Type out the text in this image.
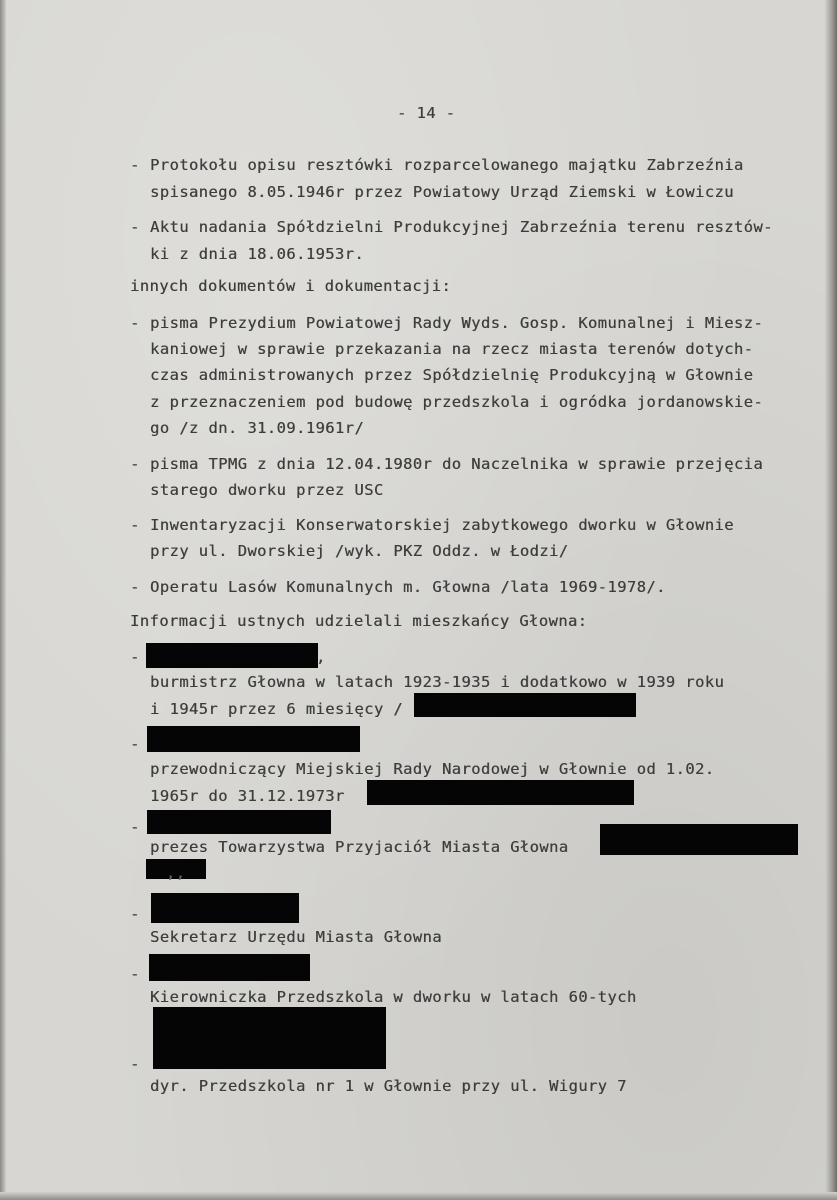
- 14 -

- Protokołu opisu resztówki rozparcelowanego majątku Zabrzeźnia

spisanego 8.05.1946r przez Powiatowy Urząd Ziemski w Łowiczu

- Aktu nadania Spółdzielni Produkcyjnej Zabrzeźnia terenu resztów-

ki z dnia 18.06.1953r.

innych dokumentów i dokumentacji:

- pisma Prezydium Powiatowej Rady Wyds. Gosp. Komunalnej i Miesz-

kaniowej w sprawie przekazania na rzecz miasta terenów dotych-

czas administrowanych przez Spółdzielnię Produkcyjną w Głownie

z przeznaczeniem pod budowę przedszkola i ogródka jordanowskie-

go /z dn. 31.09.1961r/

- pisma TPMG z dnia 12.04.1980r do Naczelnika w sprawie przejęcia

starego dworku przez USC

- Inwentaryzacji Konserwatorskiej zabytkowego dworku w Głownie

przy ul. Dworskiej /wyk. PKZ Oddz. w Łodzi/

- Operatu Lasów Komunalnych m. Głowna /lata 1969-1978/.

Informacji ustnych udzielali mieszkańcy Głowna:

-	,

burmistrz Głowna w latach 1923-1935 i dodatkowo w 1939 roku

i 1945r przez 6 miesięcy /

-

przewodniczący Miejskiej Rady Narodowej w Głownie od 1.02.

1965r do 31.12.1973r

-

prezes Towarzystwa Przyjaciół Miasta Głowna

,,

-

Sekretarz Urzędu Miasta Głowna

-

Kierowniczka Przedszkola w dworku w latach 60-tych

-

dyr. Przedszkola nr 1 w Głownie przy ul. Wigury 7
